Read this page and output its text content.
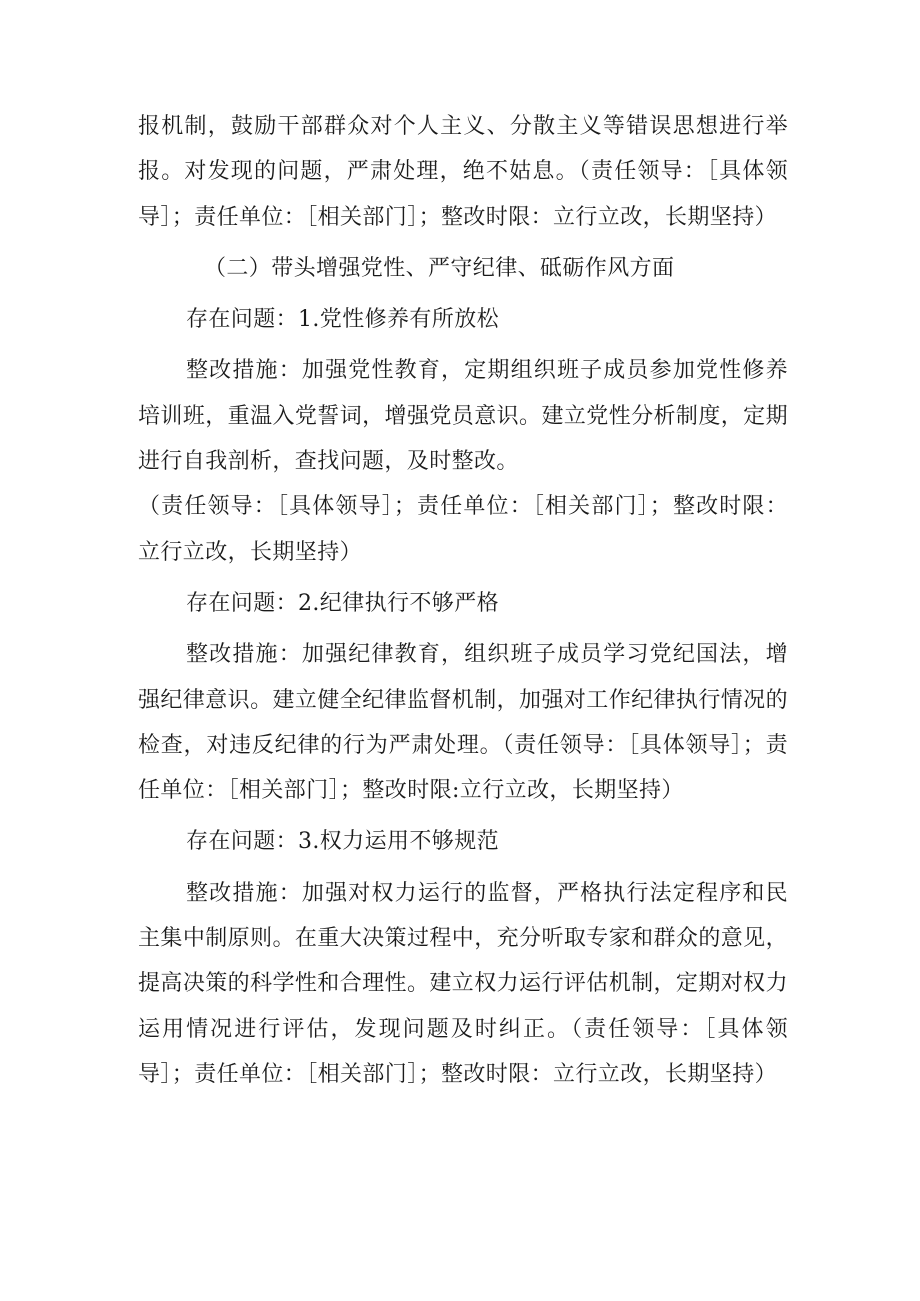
报机制，鼓励干部群众对个人主义、分散主义等错误思想进行举报。对发现的问题，严肃处理，绝不姑息。（责任领导：［具体领导］；责任单位：［相关部门］；整改时限：立行立改，长期坚持）

（二）带头增强党性、严守纪律、砥砺作风方面

存在问题：1.党性修养有所放松

整改措施：加强党性教育，定期组织班子成员参加党性修养培训班，重温入党誓词，增强党员意识。建立党性分析制度，定期进行自我剖析，查找问题，及时整改。

（责任领导：［具体领导］；责任单位：［相关部门］；整改时限：立行立改，长期坚持）

存在问题：2.纪律执行不够严格

整改措施：加强纪律教育，组织班子成员学习党纪国法，增强纪律意识。建立健全纪律监督机制，加强对工作纪律执行情况的检查，对违反纪律的行为严肃处理。（责任领导：［具体领导］；责任单位：［相关部门］；整改时限:立行立改，长期坚持）

存在问题：3.权力运用不够规范

整改措施：加强对权力运行的监督，严格执行法定程序和民主集中制原则。在重大决策过程中，充分听取专家和群众的意见，提高决策的科学性和合理性。建立权力运行评估机制，定期对权力运用情况进行评估，发现问题及时纠正。（责任领导：［具体领导］；责任单位：［相关部门］；整改时限：立行立改，长期坚持）
